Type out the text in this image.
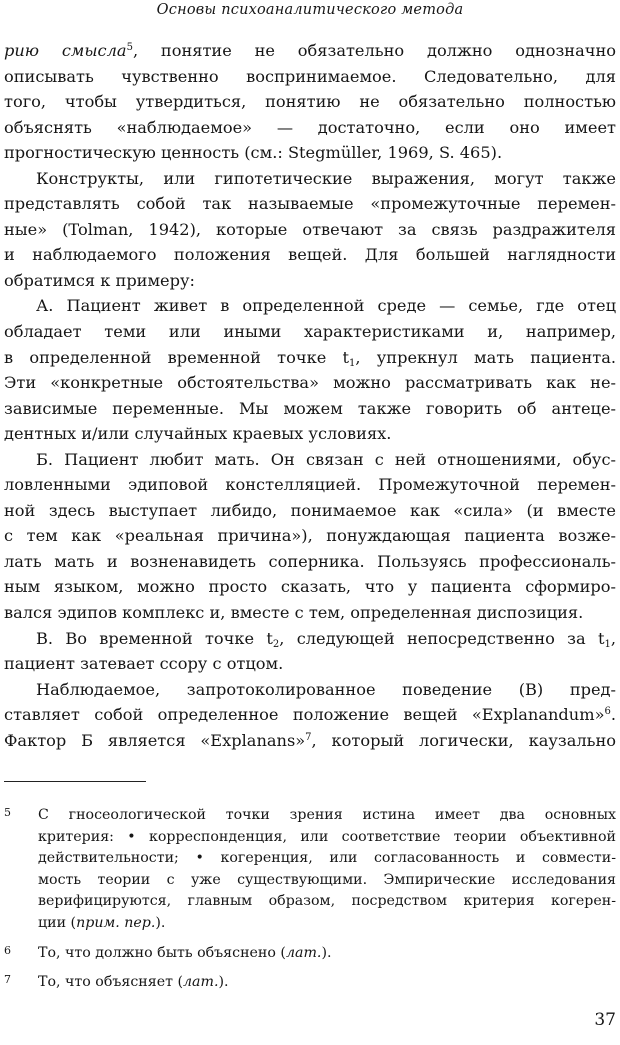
Основы психоаналитического метода

рию смысла$^5$, понятие не обязательно должно однозначно
описывать чувственно воспринимаемое. Следовательно, для
того, чтобы утвердиться, понятию не обязательно полностью
объяснять «наблюдаемое» — достаточно, если оно имеет
прогностическую ценность (см.: Stegmüller, 1969, S. 465).

Конструкты, или гипотетические выражения, могут также
представлять собой так называемые «промежуточные перемен-
ные» (Tolman, 1942), которые отвечают за связь раздражителя
и наблюдаемого положения вещей. Для большей наглядности
обратимся к примеру:

А. Пациент живет в определенной среде — семье, где отец
обладает теми или иными характеристиками и, например,
в определенной временной точке $t_1$, упрекнул мать пациента.
Эти «конкретные обстоятельства» можно рассматривать как не-
зависимые переменные. Мы можем также говорить об антеце-
дентных и/или случайных краевых условиях.

Б. Пациент любит мать. Он связан с ней отношениями, обус-
ловленными эдиповой констелляцией. Промежуточной перемен-
ной здесь выступает либидо, понимаемое как «сила» (и вместе
с тем как «реальная причина»), понуждающая пациента возже-
лать мать и возненавидеть соперника. Пользуясь профессиональ-
ным языком, можно просто сказать, что у пациента сформиро-
вался эдипов комплекс и, вместе с тем, определенная диспозиция.

В. Во временной точке $t_2$, следующей непосредственно за $t_1$,
пациент затевает ссору с отцом.

Наблюдаемое, запротоколированное поведение (В) пред-
ставляет собой определенное положение вещей «Explanandum»$^6$.
Фактор Б является «Explanans»$^7$, который логически, каузально

5 С гносеологической точки зрения истина имеет два основных
критерия: • корреспонденция, или соответствие теории объективной
действительности; • когеренция, или согласованность и совмести-
мость теории с уже существующими. Эмпирические исследования
верифицируются, главным образом, посредством критерия когерен-
ции (прим. пер.).
6 То, что должно быть объяснено (лат.).
7 То, что объясняет (лат.).
37
